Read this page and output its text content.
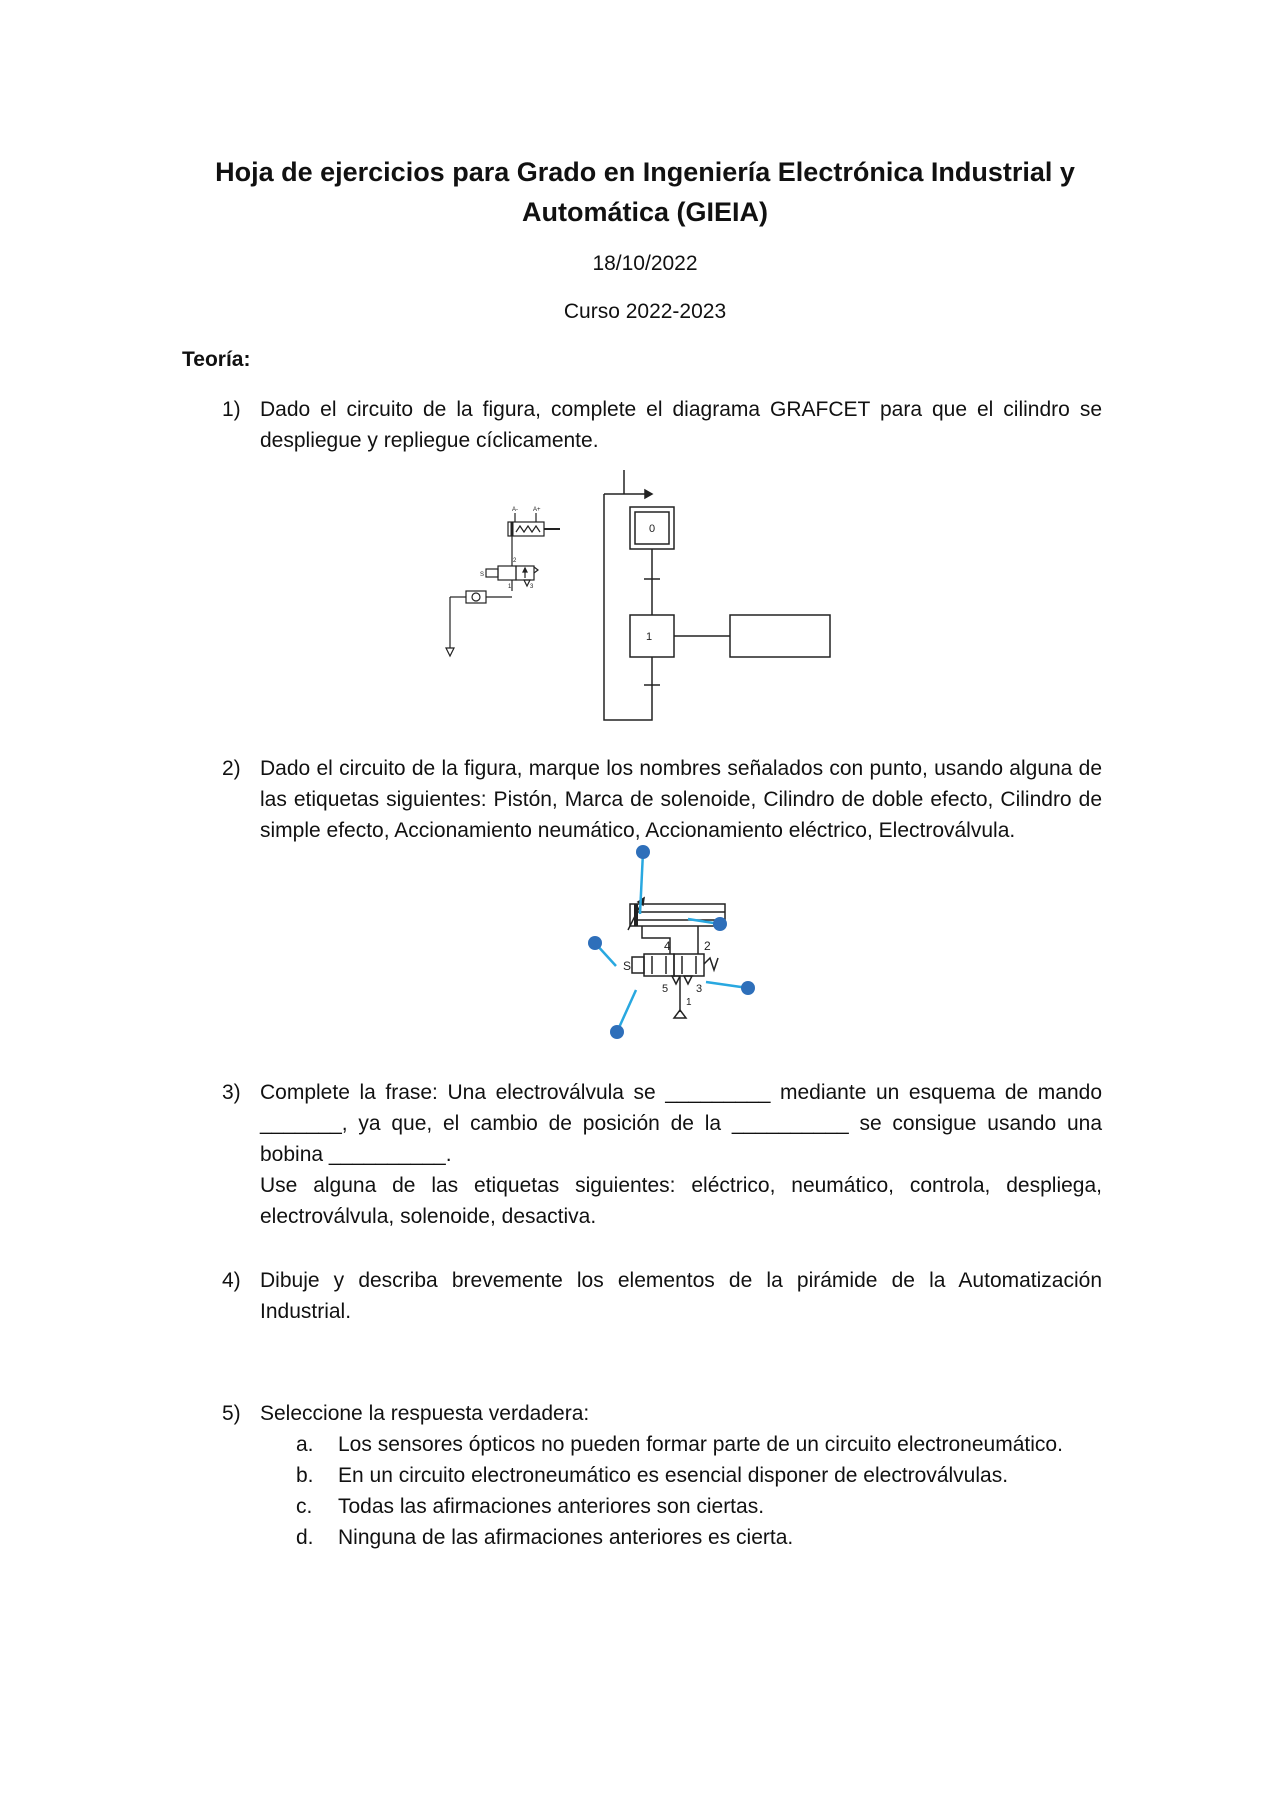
Hoja de ejercicios para Grado en Ingeniería Electrónica Industrial y
Automática (GIEIA)
18/10/2022
Curso 2022-2023
Teoría:
1) Dado el circuito de la figura, complete el diagrama GRAFCET para que el cilindro se despliegue y repliegue cíclicamente.
A-	A+
S
2
1	3
0
1
2) Dado el circuito de la figura, marque los nombres señalados con punto, usando alguna de las etiquetas siguientes: Pistón, Marca de solenoide, Cilindro de doble efecto, Cilindro de simple efecto, Accionamiento neumático, Accionamiento eléctrico, Electroválvula.
4	2
S
5	3
1
3) Complete la frase: Una electroválvula se _________ mediante un esquema de mando _______, ya que, el cambio de posición de la __________ se consigue usando una bobina __________.
Use alguna de las etiquetas siguientes: eléctrico, neumático, controla, despliega, electroválvula, solenoide, desactiva.
4) Dibuje y describa brevemente los elementos de la pirámide de la Automatización Industrial.
5) Seleccione la respuesta verdadera:
a. Los sensores ópticos no pueden formar parte de un circuito electroneumático.
b. En un circuito electroneumático es esencial disponer de electroválvulas.
c. Todas las afirmaciones anteriores son ciertas.
d. Ninguna de las afirmaciones anteriores es cierta.
